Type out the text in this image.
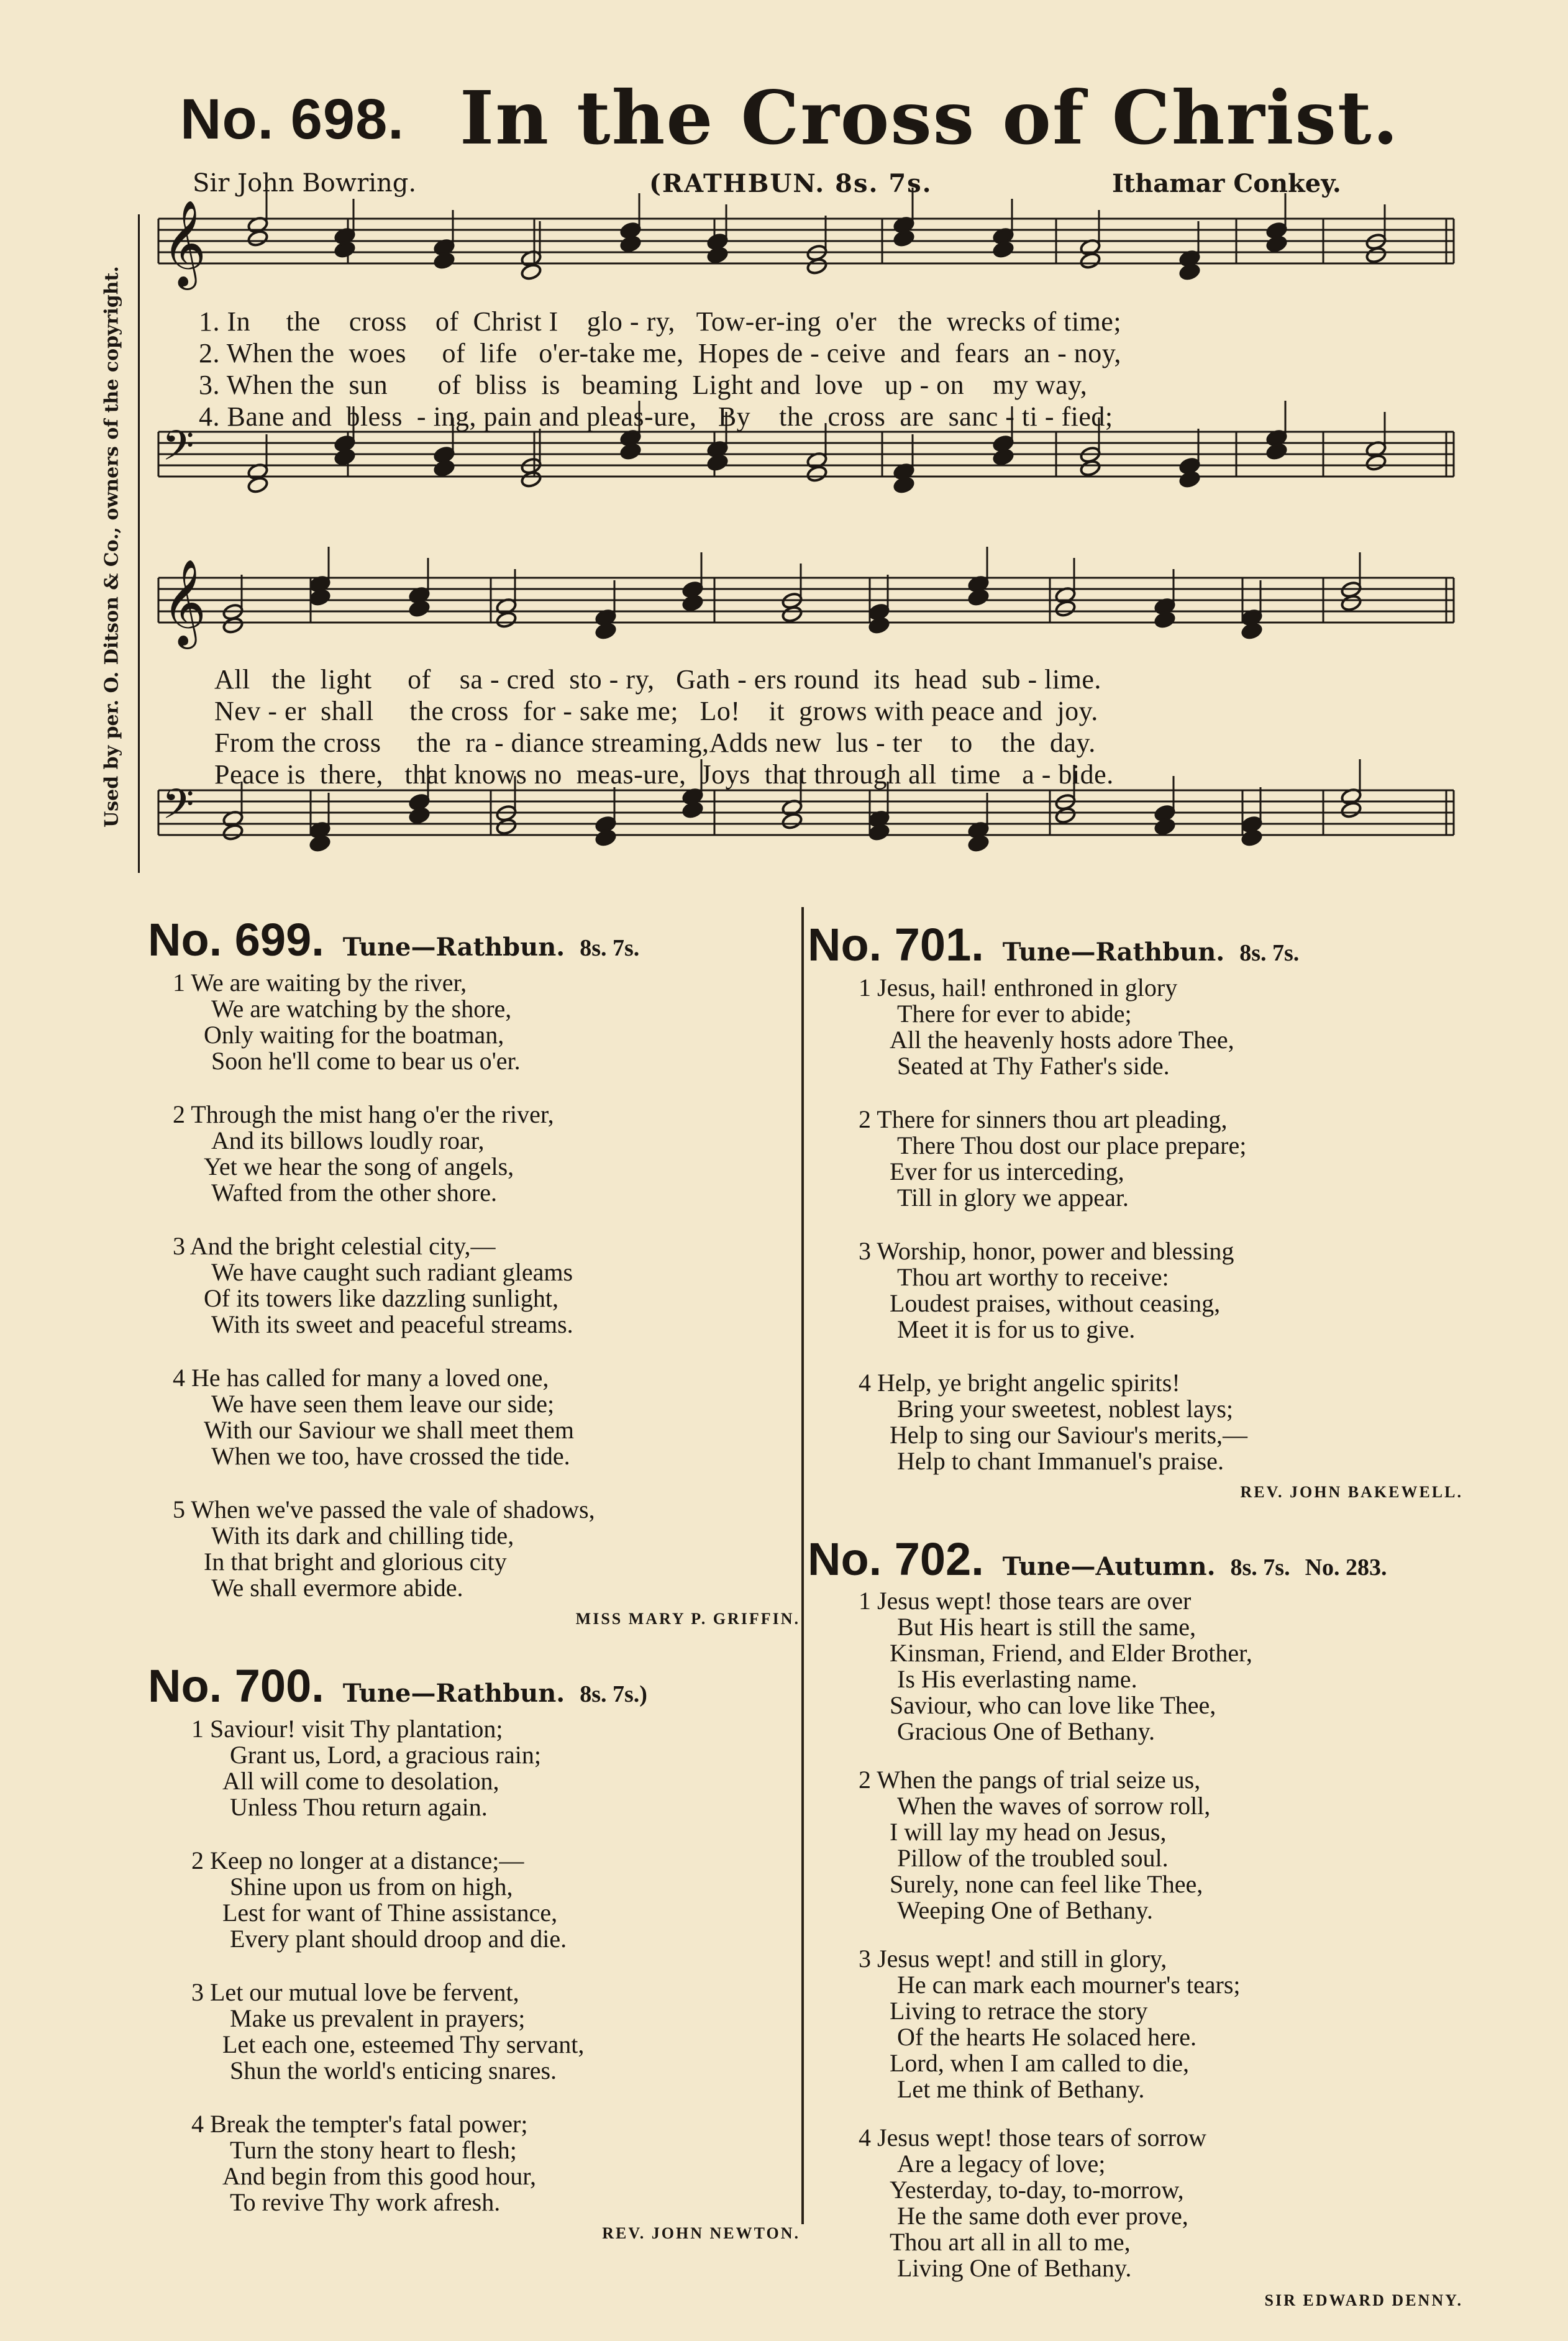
No. 698. In the Cross of Christ.
Sir John Bowring.	(RATHBUN. 8s. 7s.	Ithamar Conkey.
Used by per. O. Ditson & Co., owners of the copyright.
𝄞
𝄢
𝄞
𝄢
1. In     the    cross    of  Christ I    glo - ry,   Tow-er-ing  o'er   the  wrecks of time;
2. When the  woes     of  life   o'er-take me,  Hopes de - ceive  and  fears  an - noy,
3. When the  sun       of  bliss  is   beaming  Light and  love   up - on    my way,
4. Bane and  bless  - ing, pain and pleas-ure,   By    the  cross  are  sanc - ti - fied;
All   the  light     of    sa - cred  sto - ry,   Gath - ers round  its  head  sub - lime.
Nev - er  shall     the cross  for - sake me;   Lo!    it  grows with peace and  joy.
From the cross     the  ra - diance streaming,Adds new  lus - ter    to    the  day.
Peace is  there,   that knows no  meas-ure,  Joys  that through all  time   a - bide.
No. 699. Tune—Rathbun. 8s. 7s.
1 We are waiting by the river,
We are watching by the shore,
Only waiting for the boatman,
Soon he'll come to bear us o'er.
2 Through the mist hang o'er the river,
And its billows loudly roar,
Yet we hear the song of angels,
Wafted from the other shore.
3 And the bright celestial city,—
We have caught such radiant gleams
Of its towers like dazzling sunlight,
With its sweet and peaceful streams.
4 He has called for many a loved one,
We have seen them leave our side;
With our Saviour we shall meet them
When we too, have crossed the tide.
5 When we've passed the vale of shadows,
With its dark and chilling tide,
In that bright and glorious city
We shall evermore abide.
MISS MARY P. GRIFFIN.
No. 700. Tune—Rathbun. 8s. 7s.)
1 Saviour! visit Thy plantation;
Grant us, Lord, a gracious rain;
All will come to desolation,
Unless Thou return again.
2 Keep no longer at a distance;—
Shine upon us from on high,
Lest for want of Thine assistance,
Every plant should droop and die.
3 Let our mutual love be fervent,
Make us prevalent in prayers;
Let each one, esteemed Thy servant,
Shun the world's enticing snares.
4 Break the tempter's fatal power;
Turn the stony heart to flesh;
And begin from this good hour,
To revive Thy work afresh.
REV. JOHN NEWTON.
No. 701. Tune—Rathbun. 8s. 7s.
1 Jesus, hail! enthroned in glory
There for ever to abide;
All the heavenly hosts adore Thee,
Seated at Thy Father's side.
2 There for sinners thou art pleading,
There Thou dost our place prepare;
Ever for us interceding,
Till in glory we appear.
3 Worship, honor, power and blessing
Thou art worthy to receive:
Loudest praises, without ceasing,
Meet it is for us to give.
4 Help, ye bright angelic spirits!
Bring your sweetest, noblest lays;
Help to sing our Saviour's merits,—
Help to chant Immanuel's praise.
REV. JOHN BAKEWELL.
No. 702. Tune—Autumn. 8s. 7s. No. 283.
1 Jesus wept! those tears are over
But His heart is still the same,
Kinsman, Friend, and Elder Brother,
Is His everlasting name.
Saviour, who can love like Thee,
Gracious One of Bethany.
2 When the pangs of trial seize us,
When the waves of sorrow roll,
I will lay my head on Jesus,
Pillow of the troubled soul.
Surely, none can feel like Thee,
Weeping One of Bethany.
3 Jesus wept! and still in glory,
He can mark each mourner's tears;
Living to retrace the story
Of the hearts He solaced here.
Lord, when I am called to die,
Let me think of Bethany.
4 Jesus wept! those tears of sorrow
Are a legacy of love;
Yesterday, to-day, to-morrow,
He the same doth ever prove,
Thou art all in all to me,
Living One of Bethany.
SIR EDWARD DENNY.
